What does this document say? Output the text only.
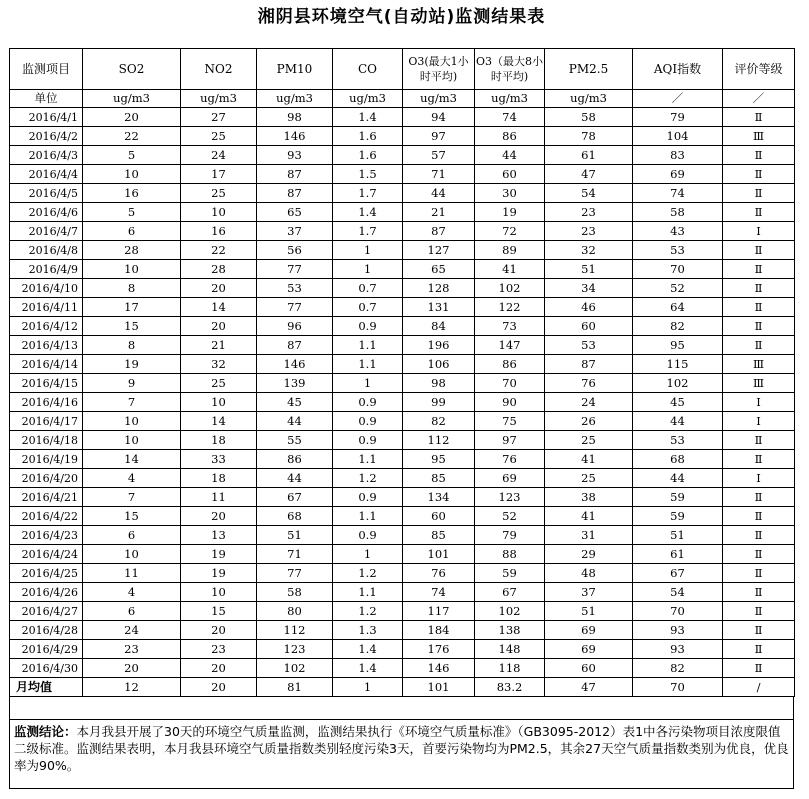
湘阴县环境空气(自动站)监测结果表
监测项目	SO2	NO2	PM10	CO	O3(最大1小时平均)	O3（最大8小时平均)	PM2.5	AQI指数	评价等级
单位	ug/m3	ug/m3	ug/m3	ug/m3	ug/m3	ug/m3	ug/m3	／	／
2016/4/1	20	27	98	1.4	94	74	58	79	Ⅱ
2016/4/2	22	25	146	1.6	97	86	78	104	Ⅲ
2016/4/3	5	24	93	1.6	57	44	61	83	Ⅱ
2016/4/4	10	17	87	1.5	71	60	47	69	Ⅱ
2016/4/5	16	25	87	1.7	44	30	54	74	Ⅱ
2016/4/6	5	10	65	1.4	21	19	23	58	Ⅱ
2016/4/7	6	16	37	1.7	87	72	23	43	Ⅰ
2016/4/8	28	22	56	1	127	89	32	53	Ⅱ
2016/4/9	10	28	77	1	65	41	51	70	Ⅱ
2016/4/10	8	20	53	0.7	128	102	34	52	Ⅱ
2016/4/11	17	14	77	0.7	131	122	46	64	Ⅱ
2016/4/12	15	20	96	0.9	84	73	60	82	Ⅱ
2016/4/13	8	21	87	1.1	196	147	53	95	Ⅱ
2016/4/14	19	32	146	1.1	106	86	87	115	Ⅲ
2016/4/15	9	25	139	1	98	70	76	102	Ⅲ
2016/4/16	7	10	45	0.9	99	90	24	45	Ⅰ
2016/4/17	10	14	44	0.9	82	75	26	44	Ⅰ
2016/4/18	10	18	55	0.9	112	97	25	53	Ⅱ
2016/4/19	14	33	86	1.1	95	76	41	68	Ⅱ
2016/4/20	4	18	44	1.2	85	69	25	44	Ⅰ
2016/4/21	7	11	67	0.9	134	123	38	59	Ⅱ
2016/4/22	15	20	68	1.1	60	52	41	59	Ⅱ
2016/4/23	6	13	51	0.9	85	79	31	51	Ⅱ
2016/4/24	10	19	71	1	101	88	29	61	Ⅱ
2016/4/25	11	19	77	1.2	76	59	48	67	Ⅱ
2016/4/26	4	10	58	1.1	74	67	37	54	Ⅱ
2016/4/27	6	15	80	1.2	117	102	51	70	Ⅱ
2016/4/28	24	20	112	1.3	184	138	69	93	Ⅱ
2016/4/29	23	23	123	1.4	176	148	69	93	Ⅱ
2016/4/30	20	20	102	1.4	146	118	60	82	Ⅱ
月均值	12	20	81	1	101	83.2	47	70	/
监测结论：本月我县开展了30天的环境空气质量监测，监测结果执行《环境空气质量标准》（GB3095-2012）表1中各污染物项目浓度限值二级标准。监测结果表明，本月我县环境空气质量指数类别轻度污染3天，首要污染物均为PM2.5，其余27天空气质量指数类别为优良，优良率为90%。
